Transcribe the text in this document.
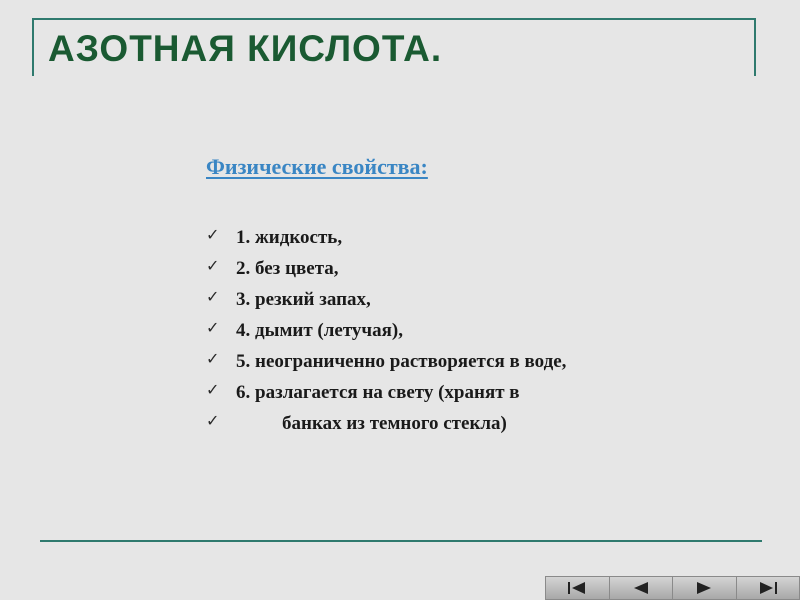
АЗОТНАЯ КИСЛОТА.
Физические свойства:
✓ 1. жидкость,
✓ 2. без цвета,
✓ 3. резкий запах,
✓ 4. дымит (летучая),
✓ 5. неограниченно растворяется в воде,
✓ 6. разлагается на свету (хранят в
✓	банках из темного стекла)
